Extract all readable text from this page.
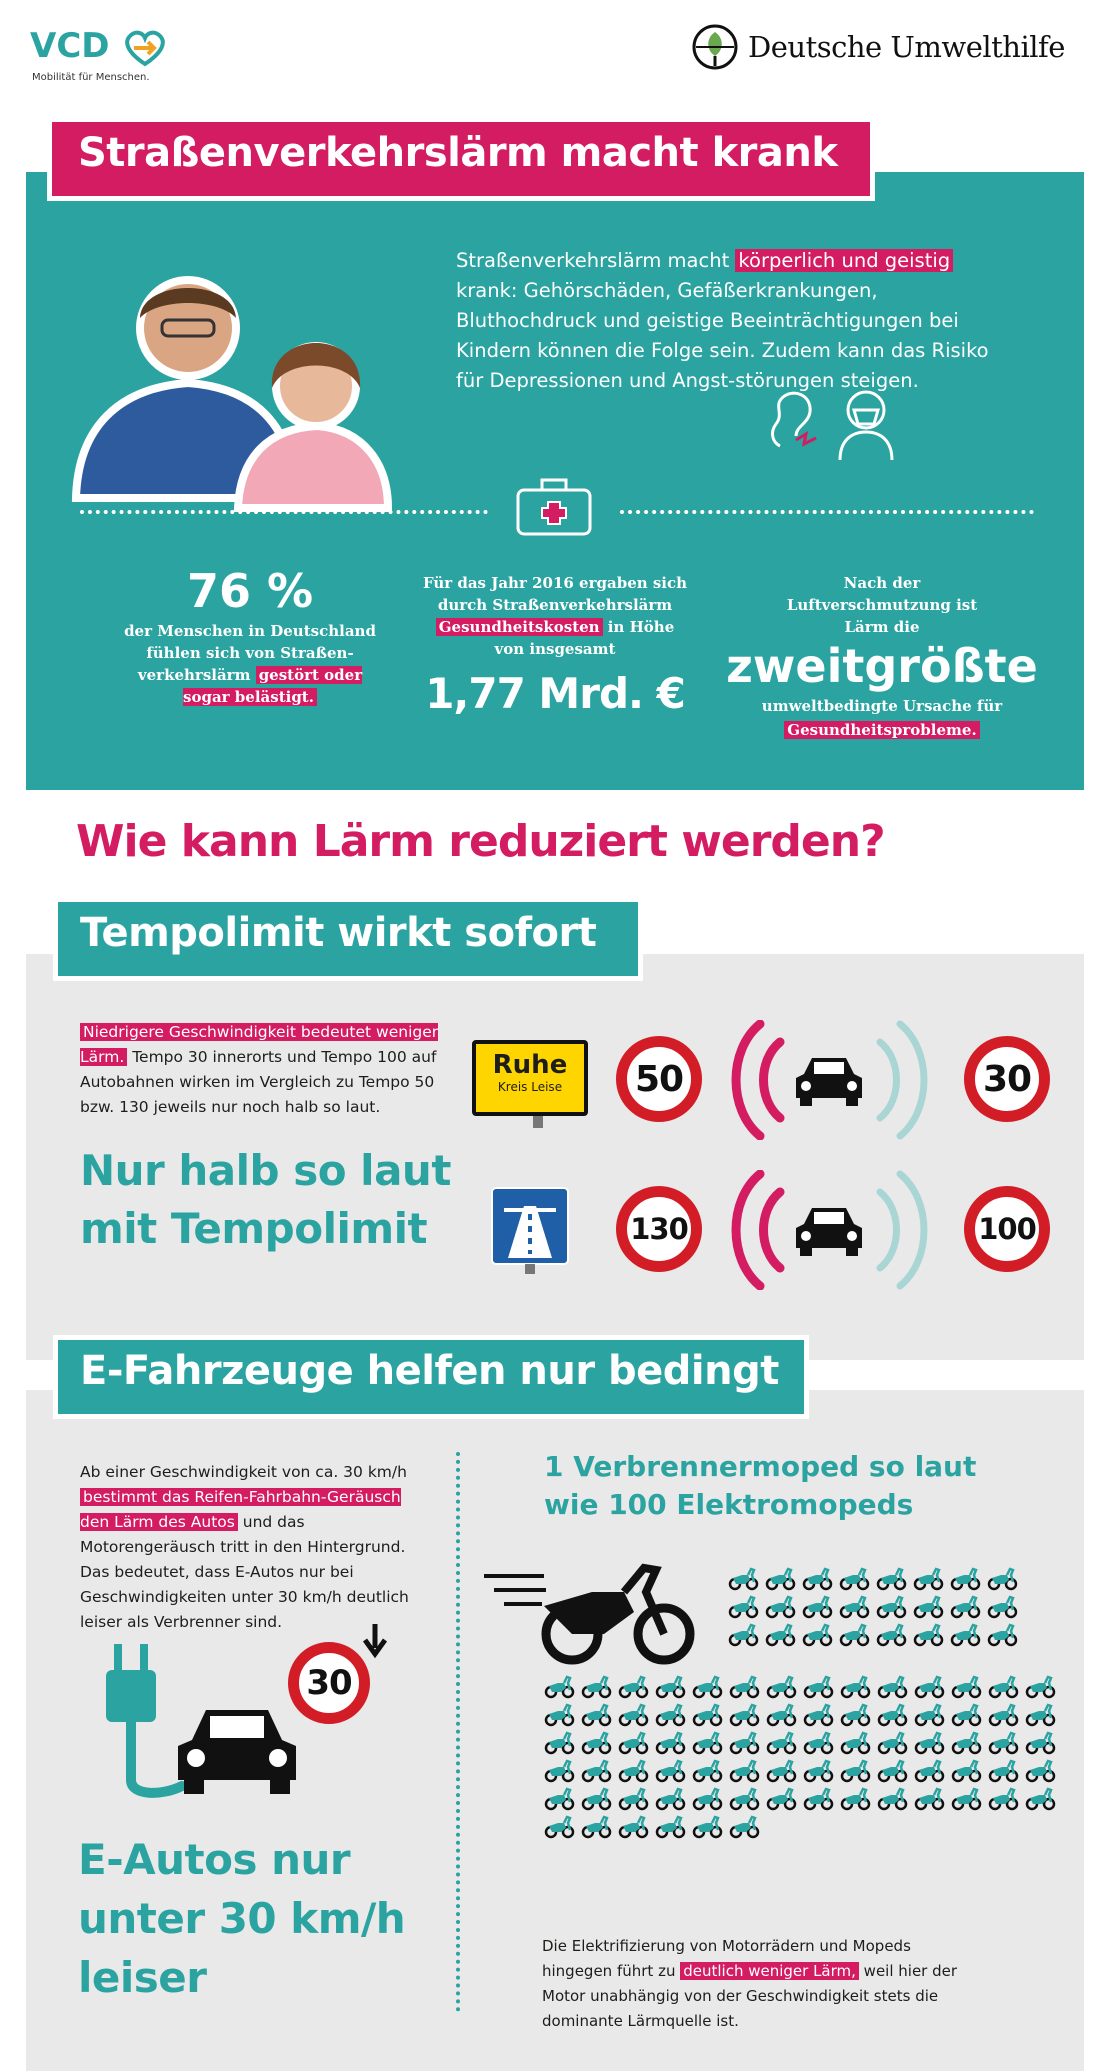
VCD
Mobilität für Menschen.
Deutsche Umwelthilfe
Straßenverkehrslärm macht krank
Straßenverkehrslärm macht körperlich und geistig krank: Gehörschäden, Gefäßerkrankungen, Bluthochdruck und geistige Beeinträchtigungen bei Kindern können die Folge sein. Zudem kann das Risiko für Depressionen und Angst-störungen steigen.
76 %
der Menschen in Deutschland fühlen sich von Straßen-verkehrslärm gestört oder sogar belästigt.
Für das Jahr 2016 ergaben sich durch Straßenverkehrslärm Gesundheitskosten in Höhe von insgesamt
1,77 Mrd. €
Nach der Luftverschmutzung ist Lärm die
zweitgrößte
umweltbedingte Ursache für
Gesundheitsprobleme.
Wie kann Lärm reduziert werden?
Tempolimit wirkt sofort
Niedrigere Geschwindigkeit bedeutet weniger Lärm. Tempo 30 innerorts und Tempo 100 auf Autobahnen wirken im Vergleich zu Tempo 50 bzw. 130 jeweils nur noch halb so laut.
Nur halb so laut
mit Tempolimit
Ruhe
Kreis Leise	50	30
130	100
E-Fahrzeuge helfen nur bedingt
Ab einer Geschwindigkeit von ca. 30 km/h bestimmt das Reifen-Fahrbahn-Geräusch den Lärm des Autos und das Motorengeräusch tritt in den Hintergrund. Das bedeutet, dass E-Autos nur bei Geschwindigkeiten unter 30 km/h deutlich leiser als Verbrenner sind.
30
E-Autos nur
unter 30 km/h
leiser
1 Verbrennermoped so laut
wie 100 Elektromopeds
Die Elektrifizierung von Motorrädern und Mopeds hingegen führt zu deutlich weniger Lärm, weil hier der Motor unabhängig von der Geschwindigkeit stets die dominante Lärmquelle ist.
